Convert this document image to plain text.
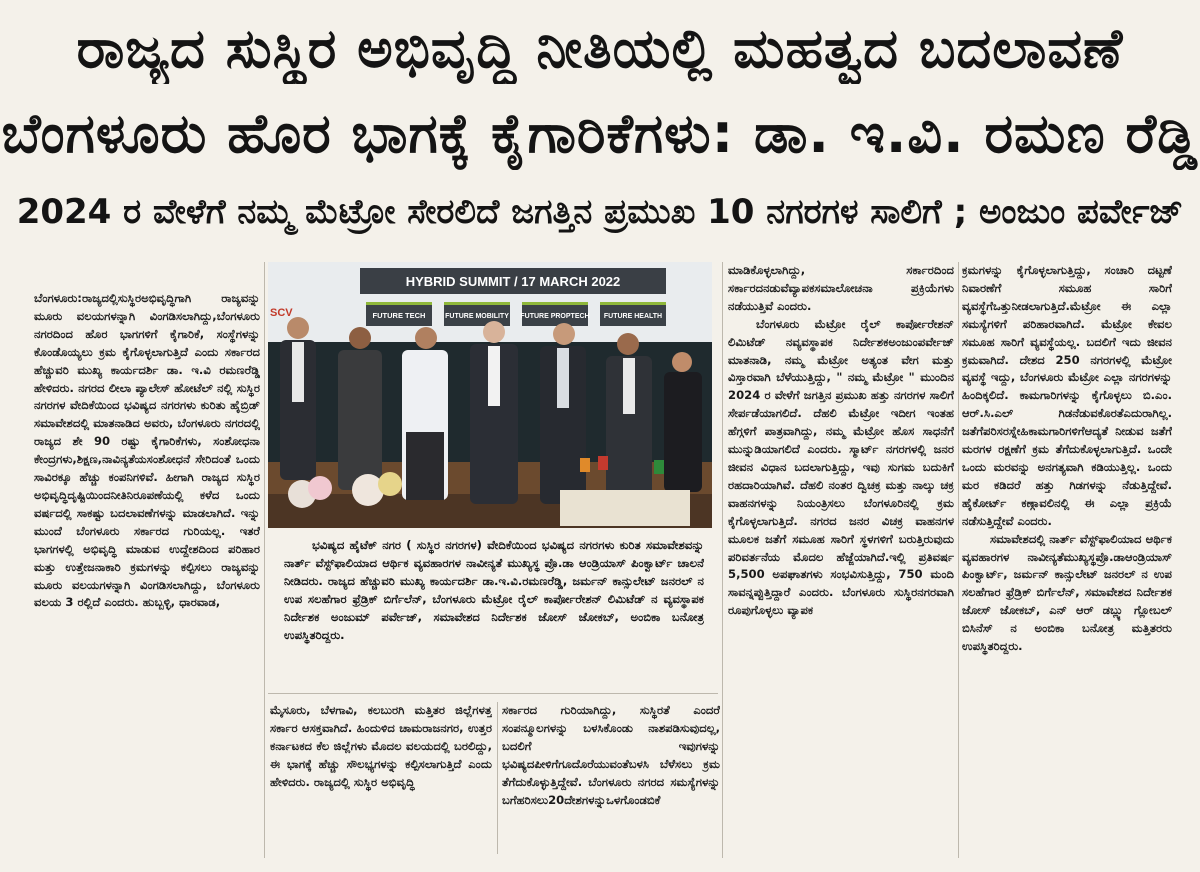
ರಾಜ್ಯದ ಸುಸ್ಥಿರ ಅಭಿವೃದ್ಧಿ ನೀತಿಯಲ್ಲಿ ಮಹತ್ವದ ಬದಲಾವಣೆ
ಬೆಂಗಳೂರು ಹೊರ ಭಾಗಕ್ಕೆ ಕೈಗಾರಿಕೆಗಳು: ಡಾ. ಇ.ವಿ. ರಮಣ ರೆಡ್ಡಿ
2024 ರ ವೇಳೆಗೆ ನಮ್ಮ ಮೆಟ್ರೋ ಸೇರಲಿದೆ ಜಗತ್ತಿನ ಪ್ರಮುಖ 10 ನಗರಗಳ ಸಾಲಿಗೆ ; ಅಂಜುಂ ಪರ್ವೇಜ್

ಬೆಂಗಳೂರು:ರಾಜ್ಯದಲ್ಲಿಸುಸ್ಥಿರಅಭಿವೃದ್ಧಿಗಾಗಿ ರಾಜ್ಯವನ್ನು ಮೂರು ವಲಯಗಳನ್ನಾಗಿ ವಿಂಗಡಿಸಲಾಗಿದ್ದು,ಬೆಂಗಳೂರು ನಗರದಿಂದ ಹೊರ ಭಾಗಗಳಿಗೆ ಕೈಗಾರಿಕೆ, ಸಂಸ್ಥೆಗಳನ್ನು ಕೊಂಡೊಯ್ಯಲು ಕ್ರಮ ಕೈಗೊಳ್ಳಲಾಗುತ್ತಿದೆ ಎಂದು ಸರ್ಕಾರದ ಹೆಚ್ಚುವರಿ ಮುಖ್ಯ ಕಾರ್ಯದರ್ಶಿ ಡಾ. ಇ.ವಿ ರಮಣರೆಡ್ಡಿ ಹೇಳಿದರು. ನಗರದ ಲೀಲಾ ಪ್ಯಾಲೇಸ್ ಹೋಟೆಲ್ ನಲ್ಲಿ ಸುಸ್ಥಿರ ನಗರಗಳ ವೇದಿಕೆಯಿಂದ ಭವಿಷ್ಯದ ನಗರಗಳು ಕುರಿತು ಹೈಬ್ರಿಡ್ ಸಮಾವೇಶದಲ್ಲಿ ಮಾತನಾಡಿದ ಅವರು, ಬೆಂಗಳೂರು ನಗರದಲ್ಲಿ ರಾಜ್ಯದ ಶೇ 90 ರಷ್ಟು ಕೈಗಾರಿಕೆಗಳು, ಸಂಶೋಧನಾ ಕೇಂದ್ರಗಳು,ಶಿಕ್ಷಣ,ನಾವಿನ್ಯತೆಯಸಂಶೋಧನೆ ಸೇರಿದಂತೆ ಒಂದು ಸಾವಿರಕ್ಕೂ ಹೆಚ್ಚು ಕಂಪನಿಗಳಿವೆ. ಹೀಗಾಗಿ ರಾಜ್ಯದ ಸುಸ್ಥಿರ ಅಭಿವೃದ್ಧಿದೃಷ್ಟಿಯಿಂದನೀತಿನಿರೂಪಣೆಯಲ್ಲಿ ಕಳೆದ ಒಂದು ವರ್ಷದಲ್ಲಿ ಸಾಕಷ್ಟು ಬದಲಾವಣೆಗಳನ್ನು ಮಾಡಲಾಗಿದೆ. ಇನ್ನು ಮುಂದೆ ಬೆಂಗಳೂರು ಸರ್ಕಾರದ ಗುರಿಯಲ್ಲ. ಇತರೆ ಭಾಗಗಳಲ್ಲಿ ಅಭಿವೃದ್ಧಿ ಮಾಡುವ ಉದ್ದೇಶದಿಂದ ಪರಿಹಾರ ಮತ್ತು ಉತ್ತೇಜನಾಕಾರಿ ಕ್ರಮಗಳನ್ನು ಕಲ್ಪಿಸಲು ರಾಜ್ಯವನ್ನು ಮೂರು ವಲಯಗಳನ್ನಾಗಿ ವಿಂಗಡಿಸಲಾಗಿದ್ದು, ಬೆಂಗಳೂರು ವಲಯ 3 ರಲ್ಲಿದೆ ಎಂದರು. ಹುಬ್ಬಳ್ಳಿ, ಧಾರವಾಡ,

HYBRID SUMMIT / 17 MARCH 2022
FUTURE TECH	FUTURE MOBILITY FUTURE PROPTECH FUTURE HEALTH
SCV

ಭವಿಷ್ಯದ ಹೈಟೆಕ್ ನಗರ ( ಸುಸ್ಥಿರ ನಗರಗಳ) ವೇದಿಕೆಯಿಂದ ಭವಿಷ್ಯದ ನಗರಗಳು ಕುರಿತ ಸಮಾವೇಶವನ್ನು ನಾರ್ತ್ ವೆಸ್ಟ್‌ಫಾಲಿಯಾದ ಆರ್ಥಿಕ ವ್ಯವಹಾರಗಳ ನಾವೀನ್ಯತೆ ಮುಖ್ಯಸ್ಥ ಪ್ರೊ.ಡಾ ಆಂಡ್ರಿಯಾಸ್ ಪಿಂಕ್ವಾರ್ಟ್ ಚಾಲನೆ ನೀಡಿದರು. ರಾಜ್ಯದ ಹೆಚ್ಚುವರಿ ಮುಖ್ಯ ಕಾರ್ಯದರ್ಶಿ ಡಾ.ಇ.ವಿ.ರಮಣರೆಡ್ಡಿ, ಜರ್ಮನ್ ಕಾನ್ಸುಲೇಟ್ ಜನರಲ್ ನ ಉಪ ಸಲಹೆಗಾರ ಫ್ರೆಡ್ರಿಕ್ ಬಿರ್ಗೆಲೆನ್, ಬೆಂಗಳೂರು ಮೆಟ್ರೋ ರೈಲ್ ಕಾರ್ಪೋರೇಶನ್ ಲಿಮಿಟೆಡ್ ನ ವ್ಯವಸ್ಥಾಪಕ ನಿರ್ದೇಶಕ ಅಂಜುಮ್ ಪರ್ವೇಜ್, ಸಮಾವೇಶದ ನಿರ್ದೇಶಕ ಜೋಸ್ ಜೋಕಬ್, ಅಂಬಿಕಾ ಬನೋತ್ರ ಉಪಸ್ಥಿತರಿದ್ದರು.

ಮೈಸೂರು, ಬೆಳಗಾವಿ, ಕಲಬುರಗಿ ಮತ್ತಿತರ ಜಿಲ್ಲೆಗಳತ್ತ ಸರ್ಕಾರ ಆಸಕ್ತವಾಗಿದೆ. ಹಿಂದುಳಿದ ಚಾಮರಾಜನಗರ, ಉತ್ತರ ಕರ್ನಾಟಕದ ಕೆಲ ಜಿಲ್ಲೆಗಳು ಮೊದಲ ವಲಯದಲ್ಲಿ ಬರಲಿದ್ದು, ಈ ಭಾಗಕ್ಕೆ ಹೆಚ್ಚು ಸೌಲಭ್ಯಗಳನ್ನು ಕಲ್ಪಿಸಲಾಗುತ್ತಿದೆ ಎಂದು ಹೇಳಿದರು. ರಾಜ್ಯದಲ್ಲಿ ಸುಸ್ಥಿರ ಅಭಿವೃದ್ಧಿ

ಸರ್ಕಾರದ ಗುರಿಯಾಗಿದ್ದು, ಸುಸ್ಥಿರತೆ ಎಂದರೆ ಸಂಪನ್ಮೂಲಗಳನ್ನು ಬಳಸಿಕೊಂಡು ನಾಶಪಡಿಸುವುದಲ್ಲ, ಬದಲಿಗೆ ಇವುಗಳನ್ನು ಭವಿಷ್ಯದಪೀಳಿಗೆಗೂದೊರೆಯುವಂತೆಬಳಸಿ ಬೆಳೆಸಲು ಕ್ರಮ ತೆಗೆದುಕೊಳ್ಳುತ್ತಿದ್ದೇವೆ. ಬೆಂಗಳೂರು ನಗರದ ಸಮಸ್ಯೆಗಳನ್ನು ಬಗೆಹರಿಸಲು20ದೇಶಗಳನ್ನುಒಳಗೊಂಡಬಿಕೆ

ಮಾಡಿಕೊಳ್ಳಲಾಗಿದ್ದು, ಸರ್ಕಾರದಿಂದ ಸರ್ಕಾರದನಡುವೆವ್ಯಾಪಕಸಮಾಲೋಚನಾ ಪ್ರಕ್ರಿಯೆಗಳು ನಡೆಯುತ್ತಿವೆ ಎಂದರು.

ಬೆಂಗಳೂರು ಮೆಟ್ರೋ ರೈಲ್ ಕಾರ್ಪೋರೇಶನ್ ಲಿಮಿಟೆಡ್ ನವ್ಯವಸ್ಥಾಪಕ ನಿರ್ದೇಶಕಅಂಜುಂಪರ್ವೇಜ್ ಮಾತನಾಡಿ, ನಮ್ಮ ಮೆಟ್ರೋ ಅತ್ಯಂತ ವೇಗ ಮತ್ತು ವಿಸ್ತಾರವಾಗಿ ಬೆಳೆಯುತ್ತಿದ್ದು, " ನಮ್ಮ ಮೆಟ್ರೋ " ಮುಂದಿನ 2024 ರ ವೇಳೆಗೆ ಜಗತ್ತಿನ ಪ್ರಮುಖ ಹತ್ತು ನಗರಗಳ ಸಾಲಿಗೆ ಸೇರ್ಪಡೆಯಾಗಲಿದೆ. ದೆಹಲಿ ಮೆಟ್ರೋ ಇದೀಗ ಇಂತಹ ಹೆಗ್ಗಳಿಗೆ ಪಾತ್ರವಾಗಿದ್ದು, ನಮ್ಮ ಮೆಟ್ರೋ ಹೊಸ ಸಾಧನೆಗೆ ಮುನ್ನುಡಿಯಾಗಲಿದೆ ಎಂದರು. ಸ್ಮಾರ್ಟ್ ನಗರಗಳಲ್ಲಿ ಜನರ ಜೀವನ ವಿಧಾನ ಬದಲಾಗುತ್ತಿದ್ದು, ಇವು ಸುಗಮ ಬದುಕಿಗೆ ರಹದಾರಿಯಾಗಿವೆ. ದೆಹಲಿ ನಂತರ ದ್ವಿಚಕ್ರ ಮತ್ತು ನಾಲ್ಕು ಚಕ್ರ ವಾಹನಗಳನ್ನು ನಿಯಂತ್ರಿಸಲು ಬೆಂಗಳೂರಿನಲ್ಲಿ ಕ್ರಮ ಕೈಗೊಳ್ಳಲಾಗುತ್ತಿದೆ. ನಗರದ ಜನರ ವಿಚಕ್ರ ವಾಹನಗಳ ಮೂಲಕ ಜತೆಗೆ ಸಮೂಹ ಸಾರಿಗೆ ಸ್ಥಳಗಳಿಗೆ ಬರುತ್ತಿರುವುದು ಪರಿವರ್ತನೆಯ ಮೊದಲ ಹೆಜ್ಜೆಯಾಗಿದೆ.ಇಲ್ಲಿ ಪ್ರತಿವರ್ಷ 5,500 ಅಪಘಾತಗಳು ಸಂಭವಿಸುತ್ತಿದ್ದು, 750 ಮಂದಿ ಸಾವನ್ನಪ್ಪುತ್ತಿದ್ದಾರೆ ಎಂದರು. ಬೆಂಗಳೂರು ಸುಸ್ಥಿರನಗರವಾಗಿ ರೂಪುಗೊಳ್ಳಲು ವ್ಯಾಪಕ

ಕ್ರಮಗಳನ್ನು ಕೈಗೊಳ್ಳಲಾಗುತ್ತಿದ್ದು, ಸಂಚಾರಿ ದಟ್ಟಣೆ ನಿವಾರಣೆಗೆ ಸಮೂಹ ಸಾರಿಗೆ ವ್ಯವಸ್ಥೆಗೆಒತ್ತುನೀಡಲಾಗುತ್ತಿದೆ.ಮೆಟ್ರೋ ಈ ಎಲ್ಲಾ ಸಮಸ್ಯೆಗಳಿಗೆ ಪರಿಹಾರವಾಗಿದೆ. ಮೆಟ್ರೋ ಕೇವಲ ಸಮೂಹ ಸಾರಿಗೆ ವ್ಯವಸ್ಥೆಯಲ್ಲ. ಬದಲಿಗೆ ಇದು ಜೀವನ ಕ್ರಮವಾಗಿದೆ. ದೇಶದ 250 ನಗರಗಳಲ್ಲಿ ಮೆಟ್ರೋ ವ್ಯವಸ್ಥೆ ಇದ್ದು, ಬೆಂಗಳೂರು ಮೆಟ್ರೋ ಎಲ್ಲಾ ನಗರಗಳನ್ನು ಹಿಂದಿಕ್ಕಲಿದೆ. ಕಾಮಗಾರಿಗಳನ್ನು ಕೈಗೊಳ್ಳಲು ಬಿ.ಎಂ. ಆರ್.ಸಿ.ಎಲ್ ಗಿಡನೆಡುವಕೊರತೆಎದುರಾಗಿಲ್ಲ. ಜತೆಗೆಪರಿಸರಸ್ನೇಹಿಕಾಮಗಾರಿಗಳಿಗೆಆದ್ಯತೆ ನೀಡುವ ಜತೆಗೆ ಮರಗಳ ರಕ್ಷಣೆಗೆ ಕ್ರಮ ತೆಗೆದುಕೊಳ್ಳಲಾಗುತ್ತಿದೆ. ಒಂದೇ ಒಂದು ಮರವನ್ನು ಅನಗತ್ಯವಾಗಿ ಕಡಿಯುತ್ತಿಲ್ಲ. ಒಂದು ಮರ ಕಡಿದರೆ ಹತ್ತು ಗಿಡಗಳನ್ನು ನೆಡುತ್ತಿದ್ದೇವೆ. ಹೈಕೋರ್ಟ್ ಕಣ್ಗಾವಲಿನಲ್ಲಿ ಈ ಎಲ್ಲಾ ಪ್ರಕ್ರಿಯೆ ನಡೆಸುತ್ತಿದ್ದೇವೆ ಎಂದರು.

ಸಮಾವೇಶದಲ್ಲಿ ನಾರ್ತ್ ವೆಸ್ಟ್‌ಫಾಲಿಯಾದ ಆರ್ಥಿಕ ವ್ಯವಹಾರಗಳ ನಾವೀನ್ಯತೆಮುಖ್ಯಸ್ಥಪ್ರೊ.ಡಾಆಂಡ್ರಿಯಾಸ್ ಪಿಂಕ್ವಾರ್ಟ್, ಜರ್ಮನ್ ಕಾನ್ಸುಲೇಟ್ ಜನರಲ್ ನ ಉಪ ಸಲಹೆಗಾರ ಫ್ರೆಡ್ರಿಕ್ ಬಿರ್ಗೆಲೆನ್, ಸಮಾವೇಶದ ನಿರ್ದೇಶಕ ಜೋಸ್ ಜೋಕಬ್, ಎನ್ ಆರ್ ಡಬ್ಲ್ಯು ಗ್ಲೋಬಲ್ ಬಿಸಿನೆಸ್ ನ ಅಂಬಿಕಾ ಬನೋತ್ರ ಮತ್ತಿತರರು ಉಪಸ್ಥಿತರಿದ್ದರು.
